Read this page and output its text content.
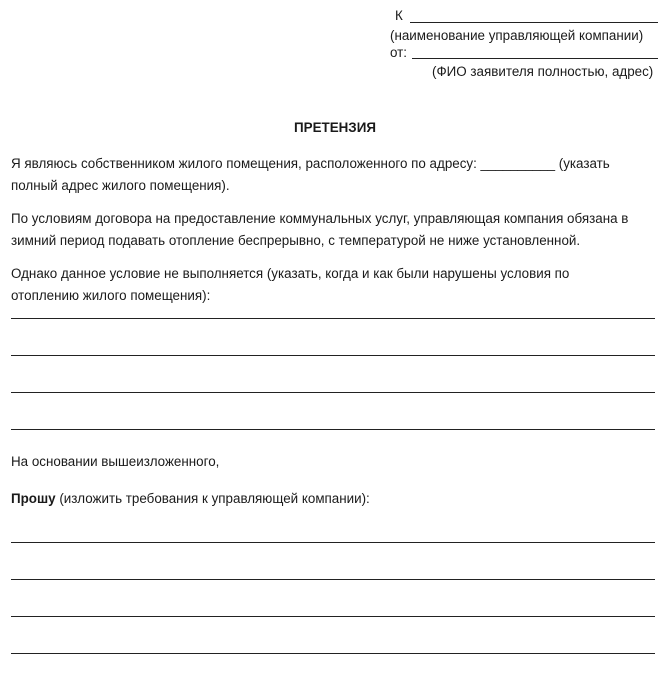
К
(наименование управляющей компании)
от:
(ФИО заявителя полностью, адрес)
ПРЕТЕНЗИЯ
Я являюсь собственником жилого помещения, расположенного по адресу: __________ (указать
полный адрес жилого помещения).
По условиям договора на предоставление коммунальных услуг, управляющая компания обязана в
зимний период подавать отопление беспрерывно, с температурой не ниже установленной.
Однако данное условие не выполняется (указать, когда и как были нарушены условия по
отоплению жилого помещения):
На основании вышеизложенного,
Прошу (изложить требования к управляющей компании):
